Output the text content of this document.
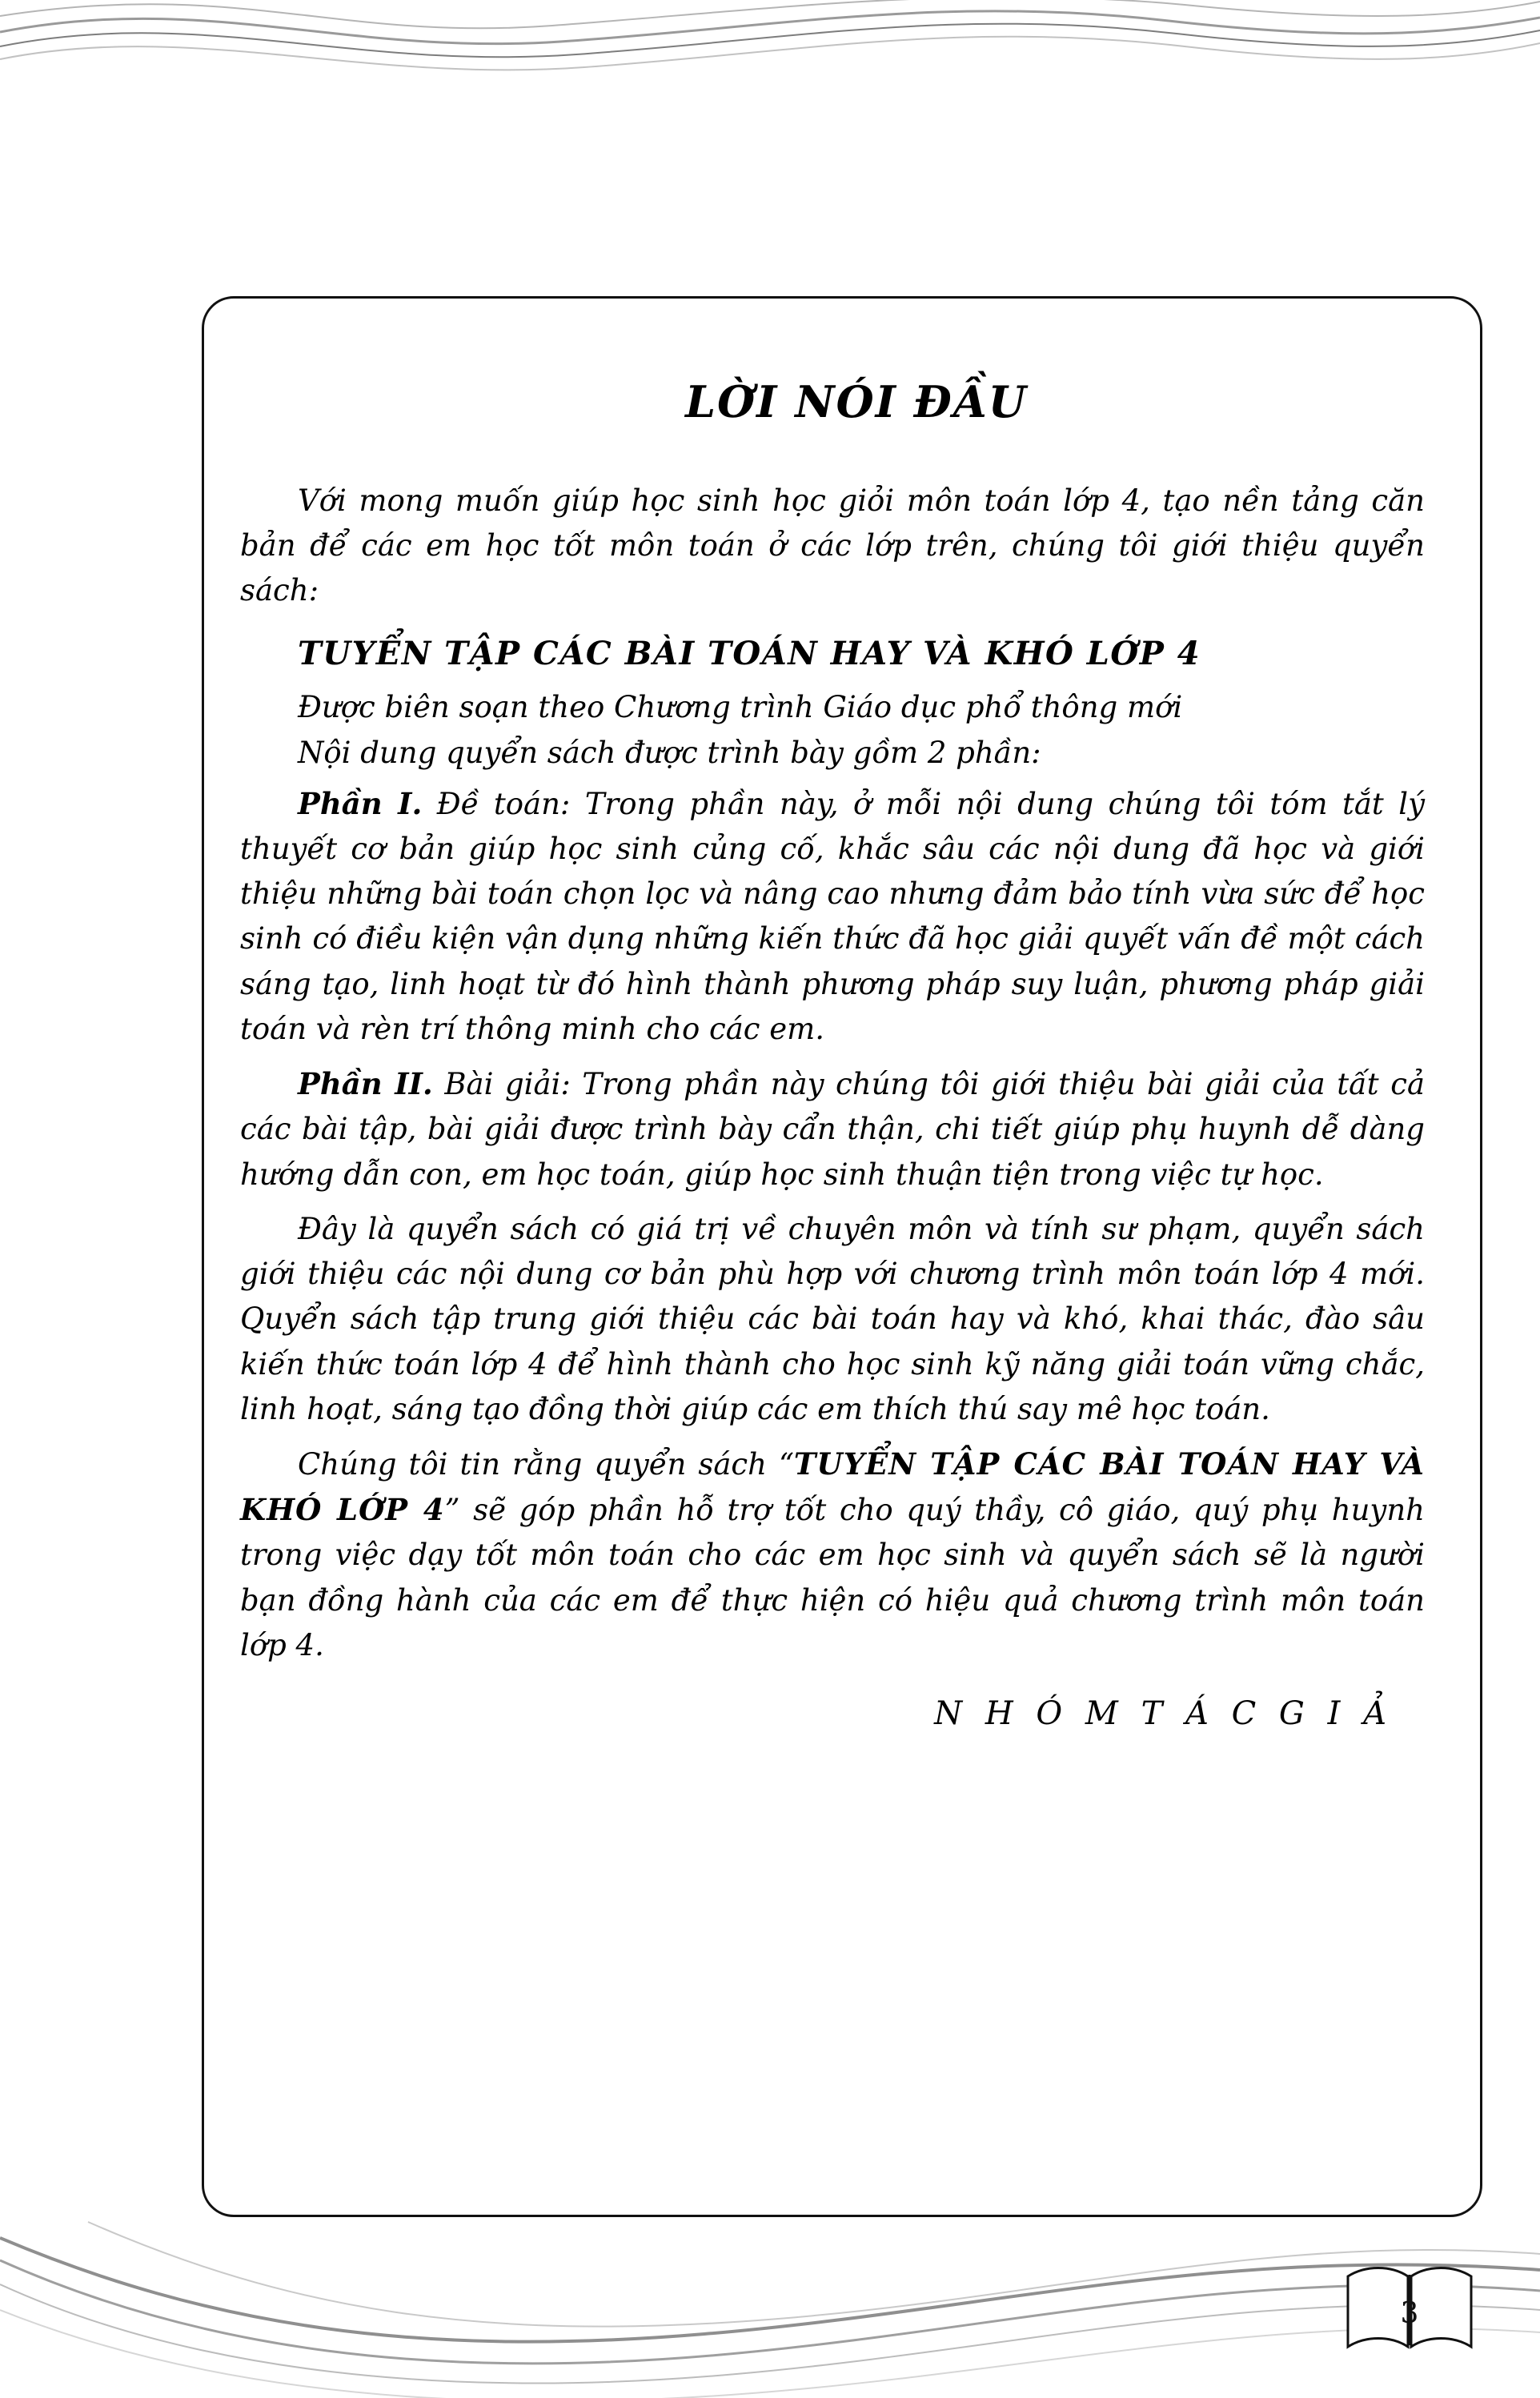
LỜI NÓI ĐẦU

Với mong muốn giúp học sinh học giỏi môn toán lớp 4, tạo nền tảng căn bản để các em học tốt môn toán ở các lớp trên, chúng tôi giới thiệu quyển sách:

TUYỂN TẬP CÁC BÀI TOÁN HAY VÀ KHÓ LỚP 4

Được biên soạn theo Chương trình Giáo dục phổ thông mới

Nội dung quyển sách được trình bày gồm 2 phần:

Phần I. Đề toán: Trong phần này, ở mỗi nội dung chúng tôi tóm tắt lý thuyết cơ bản giúp học sinh củng cố, khắc sâu các nội dung đã học và giới thiệu những bài toán chọn lọc và nâng cao nhưng đảm bảo tính vừa sức để học sinh có điều kiện vận dụng những kiến thức đã học giải quyết vấn đề một cách sáng tạo, linh hoạt từ đó hình thành phương pháp suy luận, phương pháp giải toán và rèn trí thông minh cho các em.

Phần II. Bài giải: Trong phần này chúng tôi giới thiệu bài giải của tất cả các bài tập, bài giải được trình bày cẩn thận, chi tiết giúp phụ huynh dễ dàng hướng dẫn con, em học toán, giúp học sinh thuận tiện trong việc tự học.

Đây là quyển sách có giá trị về chuyên môn và tính sư phạm, quyển sách giới thiệu các nội dung cơ bản phù hợp với chương trình môn toán lớp 4 mới. Quyển sách tập trung giới thiệu các bài toán hay và khó, khai thác, đào sâu kiến thức toán lớp 4 để hình thành cho học sinh kỹ năng giải toán vững chắc, linh hoạt, sáng tạo đồng thời giúp các em thích thú say mê học toán.

Chúng tôi tin rằng quyển sách “TUYỂN TẬP CÁC BÀI TOÁN HAY VÀ KHÓ LỚP 4” sẽ góp phần hỗ trợ tốt cho quý thầy, cô giáo, quý phụ huynh trong việc dạy tốt môn toán cho các em học sinh và quyển sách sẽ là người bạn đồng hành của các em để thực hiện có hiệu quả chương trình môn toán lớp 4.

N H Ó M T Á C G I Ả
3
